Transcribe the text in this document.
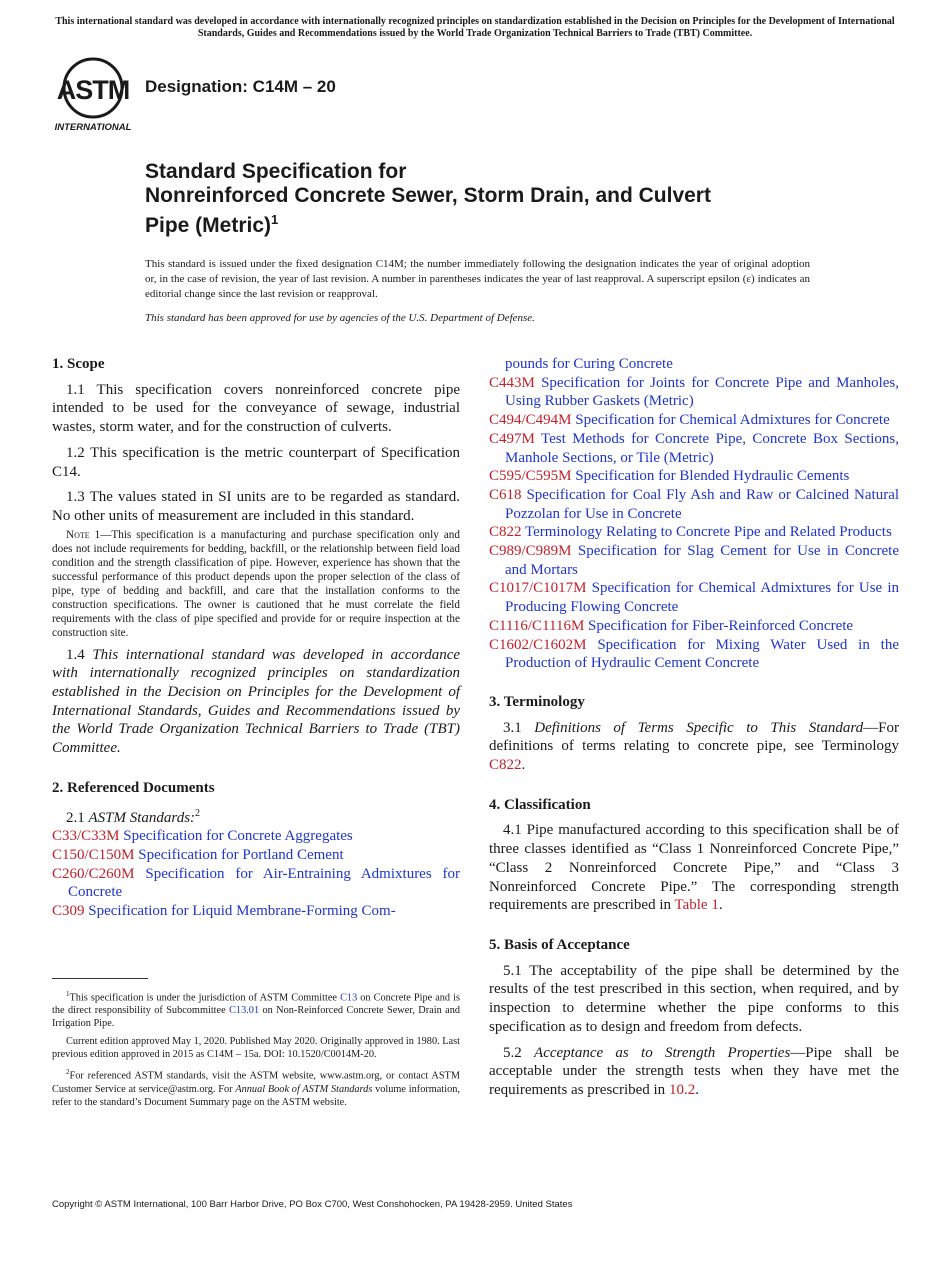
This international standard was developed in accordance with internationally recognized principles on standardization established in the Decision on Principles for the Development of International Standards, Guides and Recommendations issued by the World Trade Organization Technical Barriers to Trade (TBT) Committee.
ASTM
INTERNATIONAL
Designation: C14M – 20
Standard Specification for
Nonreinforced Concrete Sewer, Storm Drain, and Culvert
Pipe (Metric)$^1$
This standard is issued under the fixed designation C14M; the number immediately following the designation indicates the year of original adoption or, in the case of revision, the year of last revision. A number in parentheses indicates the year of last reapproval. A superscript epsilon (ε) indicates an editorial change since the last revision or reapproval.
This standard has been approved for use by agencies of the U.S. Department of Defense.

1. Scope

1.1 This specification covers nonreinforced concrete pipe intended to be used for the conveyance of sewage, industrial wastes, storm water, and for the construction of culverts.

1.2 This specification is the metric counterpart of Specification C14.

1.3 The values stated in SI units are to be regarded as standard. No other units of measurement are included in this standard.

Note 1—This specification is a manufacturing and purchase specification only and does not include requirements for bedding, backfill, or the relationship between field load condition and the strength classification of pipe. However, experience has shown that the successful performance of this product depends upon the proper selection of the class of pipe, type of bedding and backfill, and care that the installation conforms to the construction specifications. The owner is cautioned that he must correlate the field requirements with the class of pipe specified and provide for or require inspection at the construction site.

1.4 This international standard was developed in accordance with internationally recognized principles on standardization established in the Decision on Principles for the Development of International Standards, Guides and Recommendations issued by the World Trade Organization Technical Barriers to Trade (TBT) Committee.

2. Referenced Documents

2.1 ASTM Standards:$^2$

C33/C33M Specification for Concrete Aggregates

C150/C150M Specification for Portland Cement

C260/C260M Specification for Air-Entraining Admixtures for Concrete

C309 Specification for Liquid Membrane-Forming Com-

pounds for Curing Concrete

C443M Specification for Joints for Concrete Pipe and Manholes, Using Rubber Gaskets (Metric)

C494/C494M Specification for Chemical Admixtures for Concrete

C497M Test Methods for Concrete Pipe, Concrete Box Sections, Manhole Sections, or Tile (Metric)

C595/C595M Specification for Blended Hydraulic Cements

C618 Specification for Coal Fly Ash and Raw or Calcined Natural Pozzolan for Use in Concrete

C822 Terminology Relating to Concrete Pipe and Related Products

C989/C989M Specification for Slag Cement for Use in Concrete and Mortars

C1017/C1017M Specification for Chemical Admixtures for Use in Producing Flowing Concrete

C1116/C1116M Specification for Fiber-Reinforced Concrete

C1602/C1602M Specification for Mixing Water Used in the Production of Hydraulic Cement Concrete

3. Terminology

3.1 Definitions of Terms Specific to This Standard—For definitions of terms relating to concrete pipe, see Terminology C822.

4. Classification

4.1 Pipe manufactured according to this specification shall be of three classes identified as “Class 1 Nonreinforced Concrete Pipe,” “Class 2 Nonreinforced Concrete Pipe,” and “Class 3 Nonreinforced Concrete Pipe.” The corresponding strength requirements are prescribed in Table 1.

5. Basis of Acceptance

5.1 The acceptability of the pipe shall be determined by the results of the test prescribed in this section, when required, and by inspection to determine whether the pipe conforms to this specification as to design and freedom from defects.

5.2 Acceptance as to Strength Properties—Pipe shall be acceptable under the strength tests when they have met the requirements as prescribed in 10.2.

$^1$This specification is under the jurisdiction of ASTM Committee C13 on Concrete Pipe and is the direct responsibility of Subcommittee C13.01 on Non-Reinforced Concrete Sewer, Drain and Irrigation Pipe.

Current edition approved May 1, 2020. Published May 2020. Originally approved in 1980. Last previous edition approved in 2015 as C14M – 15a. DOI: 10.1520/C0014M-20.

$^2$For referenced ASTM standards, visit the ASTM website, www.astm.org, or contact ASTM Customer Service at service@astm.org. For Annual Book of ASTM Standards volume information, refer to the standard’s Document Summary page on the ASTM website.

Copyright © ASTM International, 100 Barr Harbor Drive, PO Box C700, West Conshohocken, PA 19428-2959. United States
